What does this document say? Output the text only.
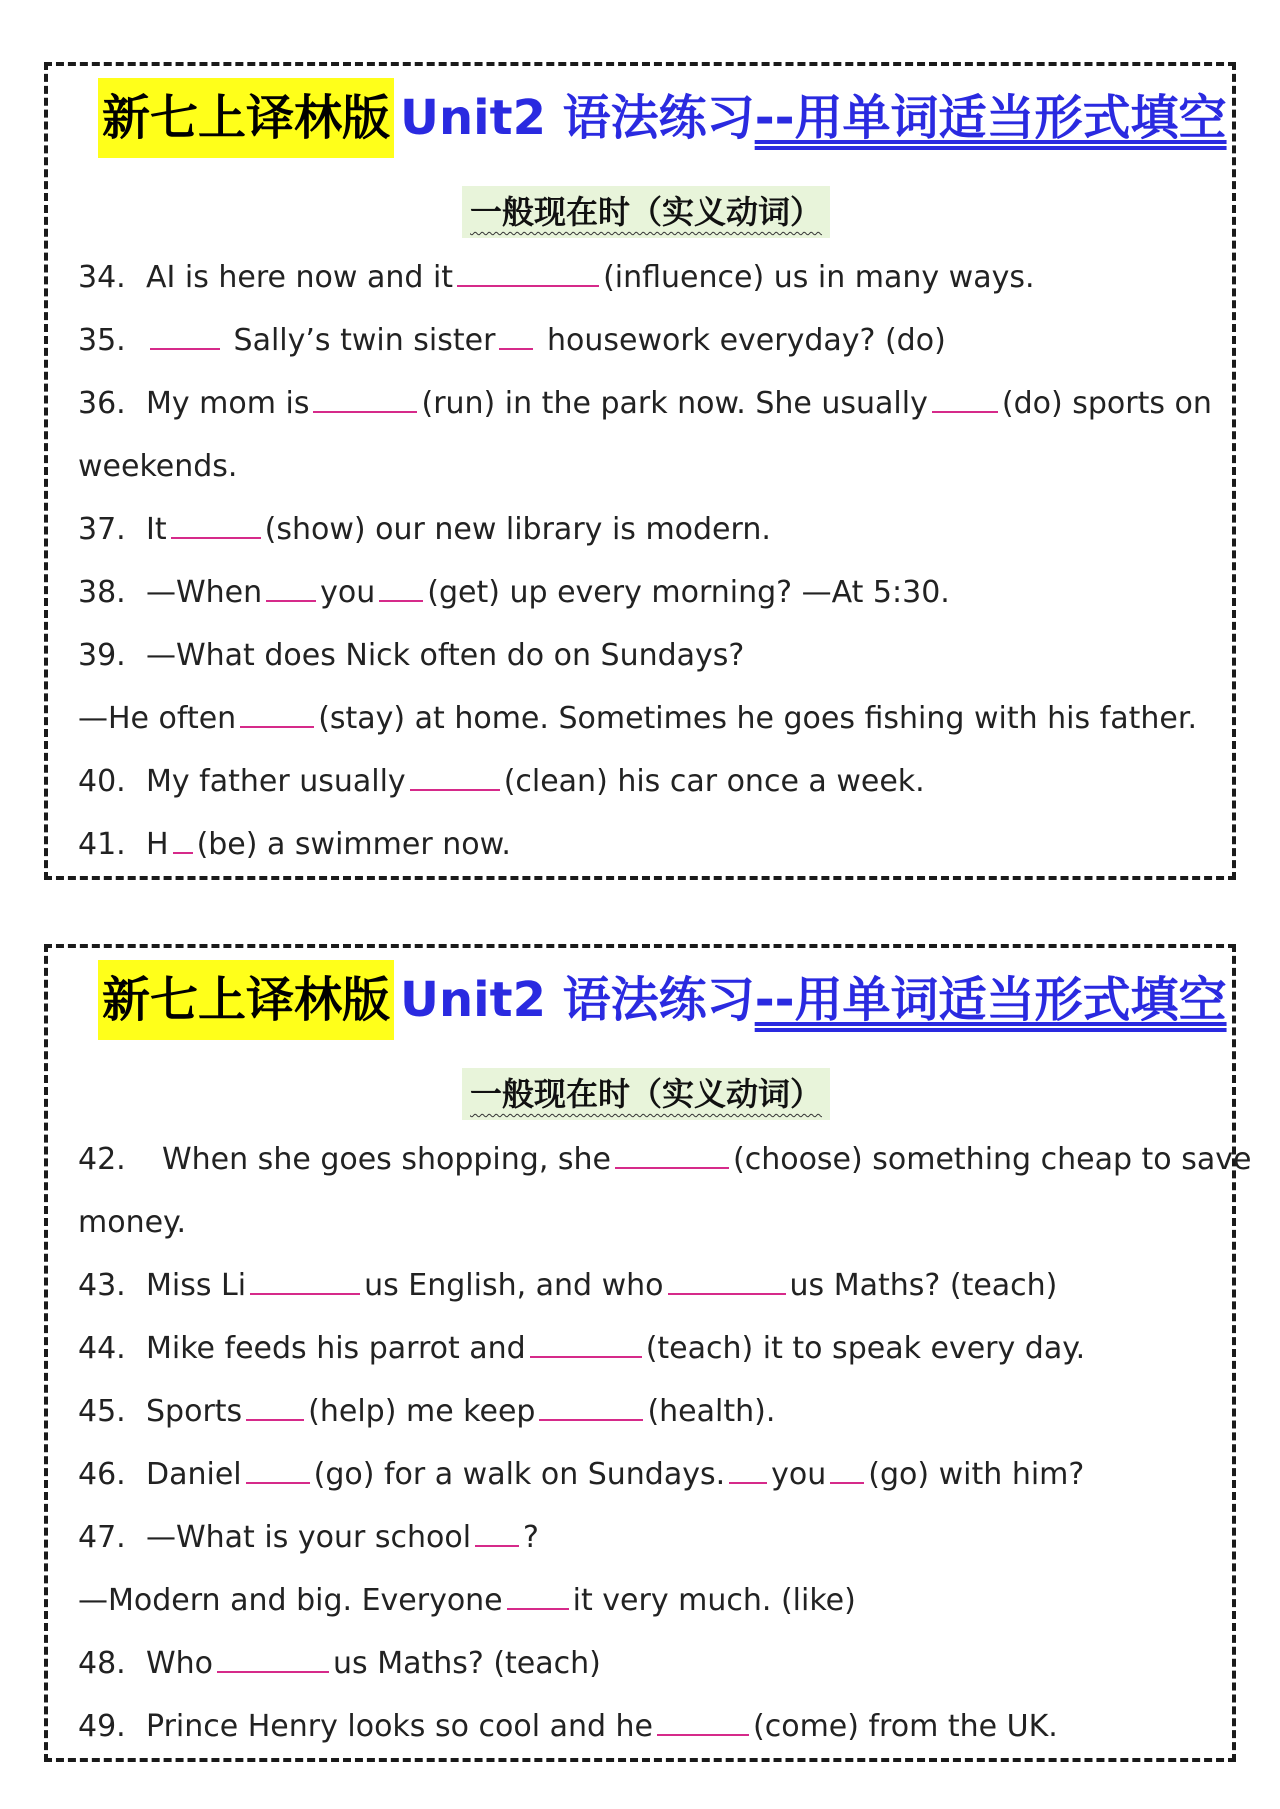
新七上译林版 Unit2 语法练习 --用单词适当形式填空
一般现在时（实义动词）
34. AI is here now and it	(influence) us in many ways.
35.	Sally’s twin sister housework everyday? (do)
36. My mom is	(run) in the park now. She usually (do) sports on
weekends.
37. It	(show) our new library is modern.
38. —When you (get) up every morning? —At 5:30.
39. —What does Nick often do on Sundays?
—He often	(stay) at home. Sometimes he goes fishing with his father.
40. My father usually	(clean) his car once a week.
41. H (be) a swimmer now.
新七上译林版 Unit2 语法练习 --用单词适当形式填空
一般现在时（实义动词）
42. When she goes shopping, she	(choose) something cheap to save
money.
43. Miss Li	us English, and who	us Maths? (teach)
44. Mike feeds his parrot and	(teach) it to speak every day.
45. Sports (help) me keep	(health).
46. Daniel (go) for a walk on Sundays. you (go) with him?
47. —What is your school ?
—Modern and big. Everyone it very much. (like)
48. Who	us Maths? (teach)
49. Prince Henry looks so cool and he	(come) from the UK.
